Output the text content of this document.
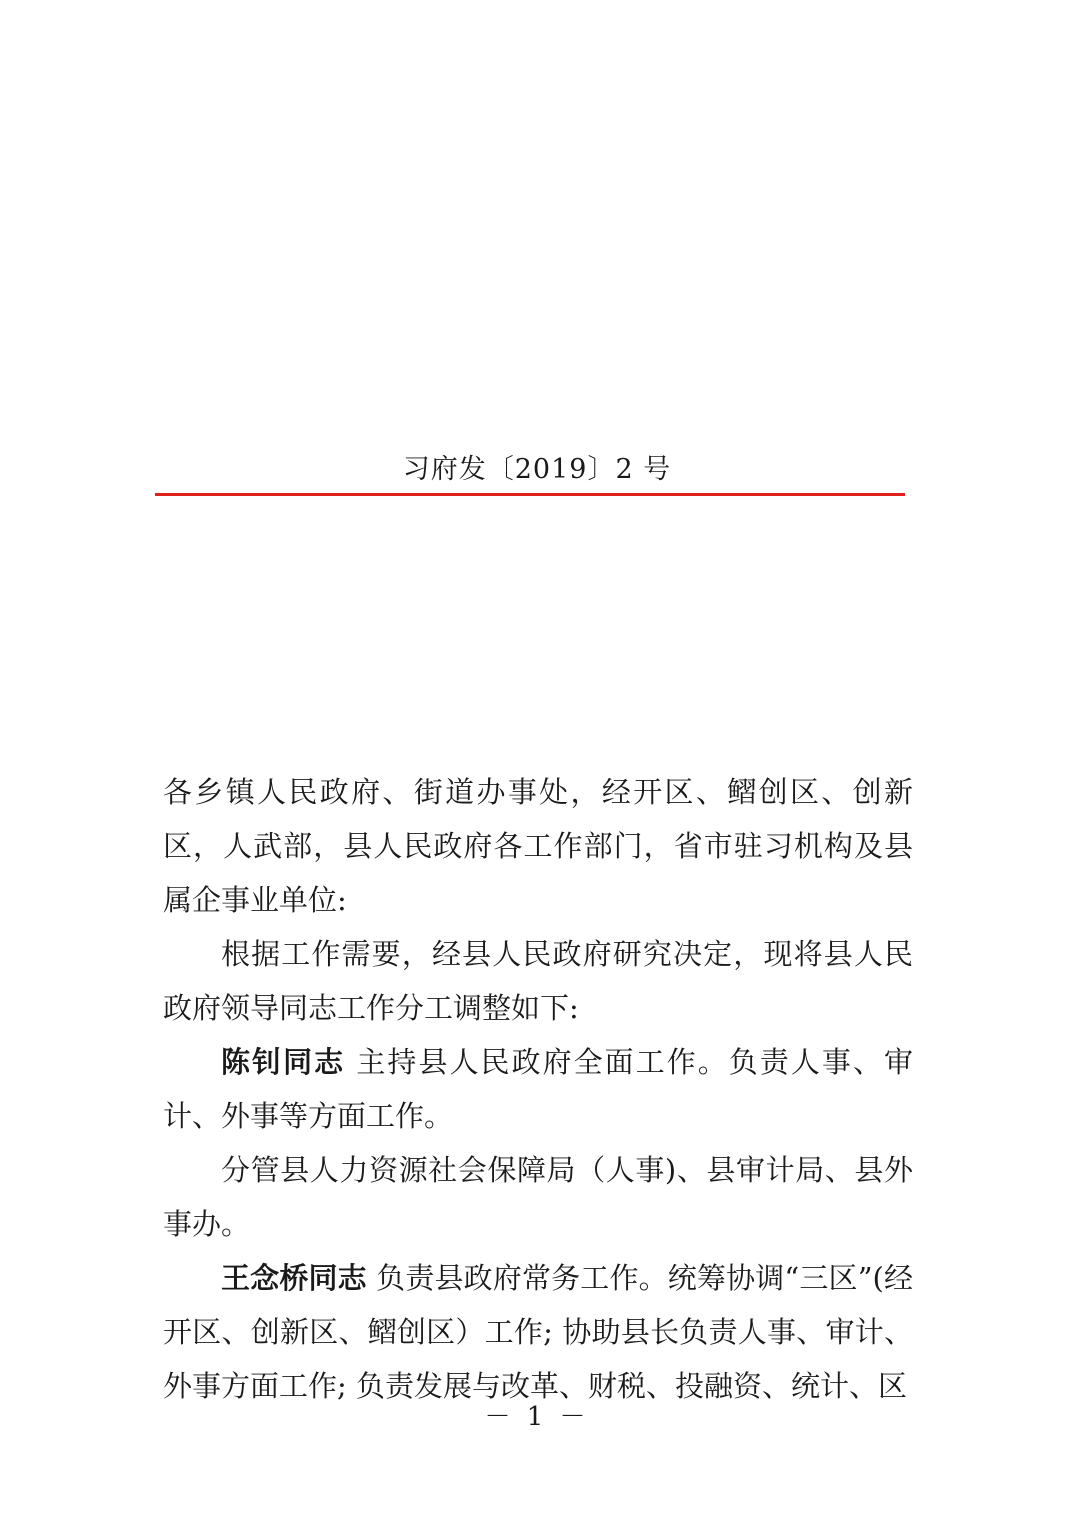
习府发〔2019〕2 号

各乡镇人民政府、街道办事处，经开区、鳛创区、创新区，人武部，县人民政府各工作部门，省市驻习机构及县属企事业单位:

根据工作需要，经县人民政府研究决定，现将县人民政府领导同志工作分工调整如下:

陈钊同志 主持县人民政府全面工作。负责人事、审计、外事等方面工作。

分管县人力资源社会保障局（人事)、县审计局、县外事办。

王念桥同志 负责县政府常务工作。统筹协调“三区”(经开区、创新区、鳛创区）工作; 协助县长负责人事、审计、外事方面工作; 负责发展与改革、财税、投融资、统计、区

－ 1 －
